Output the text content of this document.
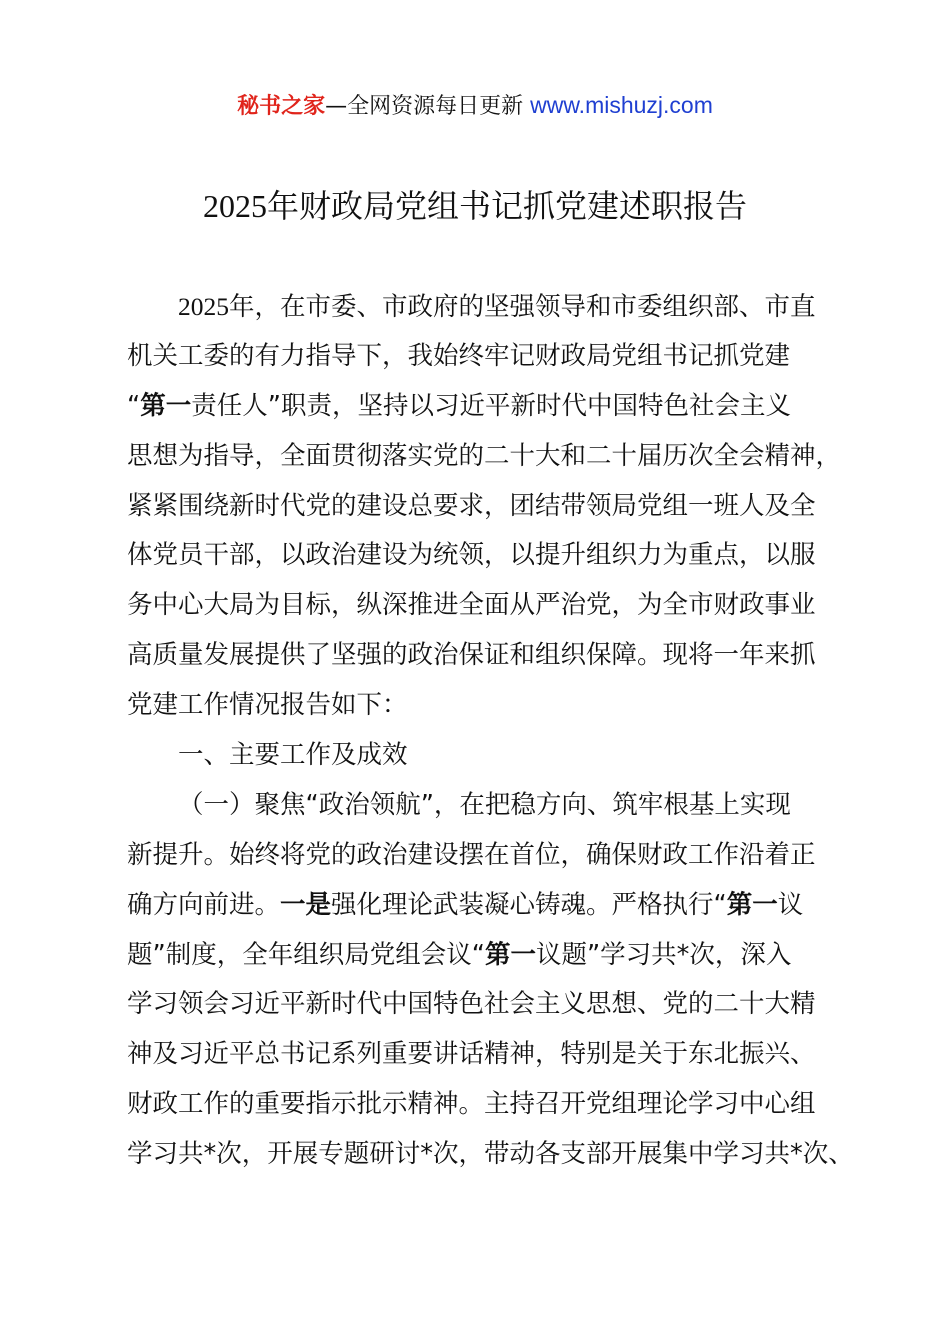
秘书之家—全网资源每日更新 www.mishuzj.com
2025年财政局党组书记抓党建述职报告
2025年，在市委、市政府的坚强领导和市委组织部、市直
机关工委的有力指导下，我始终牢记财政局党组书记抓党建
“第一责任人”职责，坚持以习近平新时代中国特色社会主义
思想为指导，全面贯彻落实党的二十大和二十届历次全会精神，
紧紧围绕新时代党的建设总要求，团结带领局党组一班人及全
体党员干部，以政治建设为统领，以提升组织力为重点，以服
务中心大局为目标，纵深推进全面从严治党，为全市财政事业
高质量发展提供了坚强的政治保证和组织保障。现将一年来抓
党建工作情况报告如下：
一、主要工作及成效
（一）聚焦“政治领航”，在把稳方向、筑牢根基上实现
新提升。始终将党的政治建设摆在首位，确保财政工作沿着正
确方向前进。一是强化理论武装凝心铸魂。严格执行“第一议
题”制度，全年组织局党组会议“第一议题”学习共*次，深入
学习领会习近平新时代中国特色社会主义思想、党的二十大精
神及习近平总书记系列重要讲话精神，特别是关于东北振兴、
财政工作的重要指示批示精神。主持召开党组理论学习中心组
学习共*次，开展专题研讨*次，带动各支部开展集中学习共*次、
